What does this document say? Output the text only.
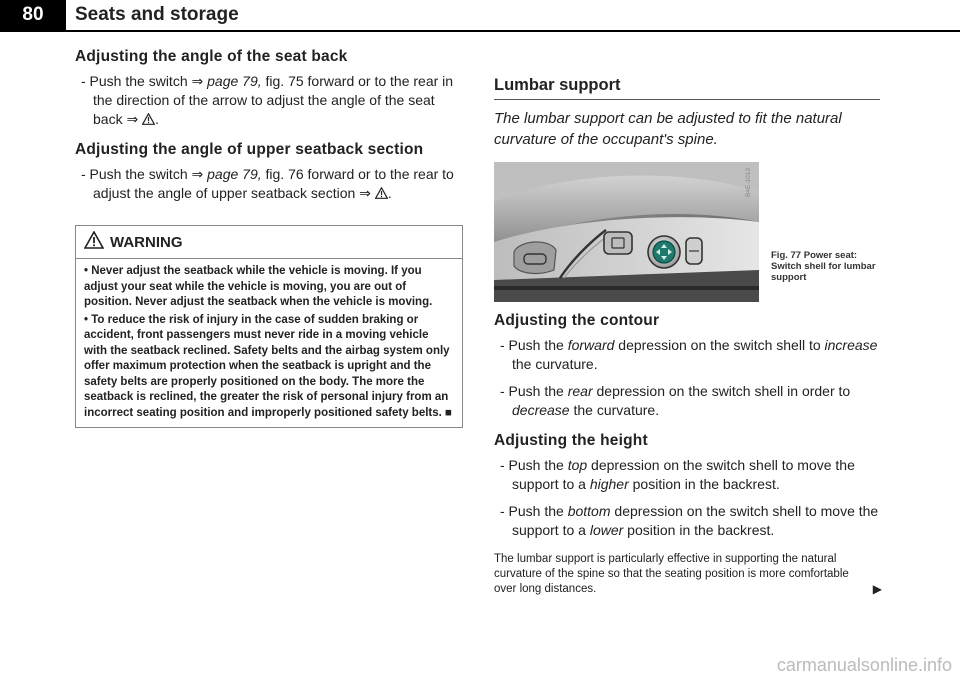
80	Seats and storage
Adjusting the angle of the seat back

- Push the switch ⇒ page 79, fig. 75 forward or to the rear in the direction of the arrow to adjust the angle of the seat back ⇒ .

Adjusting the angle of upper seatback section

- Push the switch ⇒ page 79, fig. 76 forward or to the rear to adjust the angle of upper seatback section ⇒ .

WARNING

• Never adjust the seatback while the vehicle is moving. If you adjust your seat while the vehicle is moving, you are out of position. Never adjust the seatback when the vehicle is moving.

• To reduce the risk of injury in the case of sudden braking or accident, front passengers must never ride in a moving vehicle with the seatback reclined. Safety belts and the airbag system only offer maximum protection when the seatback is upright and the safety belts are properly positioned on the body. The more the seatback is reclined, the greater the risk of personal injury from an incorrect seating position and improperly positioned safety belts. ■

Lumbar support

The lumbar support can be adjusted to fit the natural curvature of the occupant's spine.

B4E-1013
Fig. 77 Power seat: Switch shell for lumbar support
Adjusting the contour

- Push the forward depression on the switch shell to increase the curvature.

- Push the rear depression on the switch shell in order to decrease the curvature.

Adjusting the height

- Push the top depression on the switch shell to move the support to a higher position in the backrest.

- Push the bottom depression on the switch shell to move the support to a lower position in the backrest.

The lumbar support is particularly effective in supporting the natural curvature of the spine so that the seating position is more comfortable over long distances.	▶

carmanualsonline.info
